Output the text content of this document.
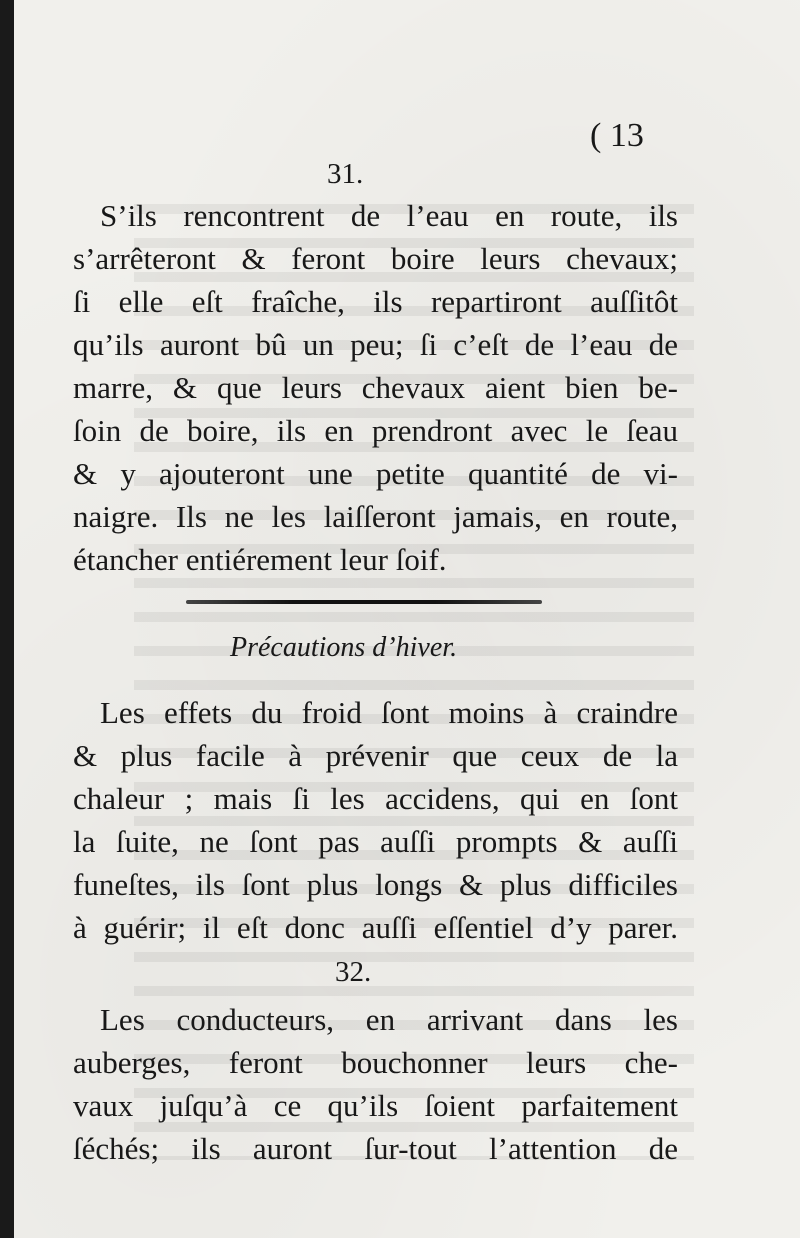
( 13
31.
S’ils rencontrent de l’eau en route, ils
s’arrêteront & feront boire leurs chevaux;
ſi elle eſt fraîche, ils repartiront auſſitôt
qu’ils auront bû un peu; ſi c’eſt de l’eau de
marre, & que leurs chevaux aient bien be-
ſoin de boire, ils en prendront avec le ſeau
& y ajouteront une petite quantité de vi-
naigre. Ils ne les laiſſeront jamais, en route,
étancher entiérement leur ſoif.
Précautions d’hiver.
Les effets du froid ſont moins à craindre
& plus facile à prévenir que ceux de la
chaleur ; mais ſi les accidens, qui en ſont
la ſuite, ne ſont pas auſſi prompts & auſſi
funeſtes, ils ſont plus longs & plus difficiles
à guérir; il eſt donc auſſi eſſentiel d’y parer.
32.
Les conducteurs, en arrivant dans les
auberges, feront bouchonner leurs che-
vaux juſqu’à ce qu’ils ſoient parfaitement
ſéchés; ils auront ſur-tout l’attention de
